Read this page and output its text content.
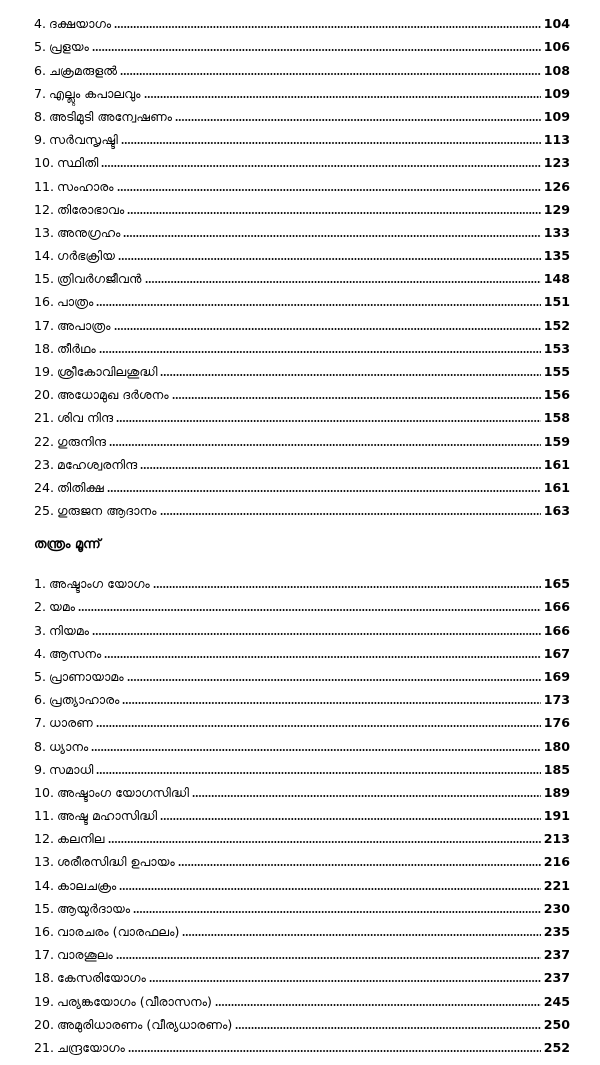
4. ദക്ഷയാഗം	104
5. പ്രളയം	106
6. ചക്രമരുളൽ	108
7. എല്ലും കപാലവും	109
8. അടിമുടി അന്വേഷണം	109
9. സർവസൃഷ്ടി	113
10. സ്ഥിതി	123
11. സംഹാരം	126
12. തിരോഭാവം	129
13. അനുഗ്രഹം	133
14. ഗർഭക്രിയ	135
15. ത്രിവർഗജീവൻ	148
16. പാത്രം	151
17. അപാത്രം	152
18. തീർഥം	153
19. ശ്രീകോവിലശുദ്ധി	155
20. അധോമുഖ ദർശനം	156
21. ശിവ നിന്ദ	158
22. ഗുരുനിന്ദ	159
23. മഹേശ്വരനിന്ദ	161
24. തിതിക്ഷ	161
25. ഗുരുജന ആദാനം	163
തന്ത്രം മൂന്ന്
1. അഷ്ടാംഗ യോഗം	165
2. യമം	166
3. നിയമം	166
4. ആസനം	167
5. പ്രാണായാമം	169
6. പ്രത്യാഹാരം	173
7. ധാരണ	176
8. ധ്യാനം	180
9. സമാധി	185
10. അഷ്ടാംഗ യോഗസിദ്ധി	189
11. അഷ്ട മഹാസിദ്ധി	191
12. കലനില	213
13. ശരീരസിദ്ധി ഉപായം	216
14. കാലചക്രം	221
15. ആയുർദായം	230
16. വാരചരം (വാരഫലം)	235
17. വാരശൂലം	237
18. കേസരിയോഗം	237
19. പര്യങ്കയോഗം (വീരാസനം)	245
20. അമുരിധാരണം (വീര്യധാരണം)	250
21. ചന്ദ്രയോഗം	252
